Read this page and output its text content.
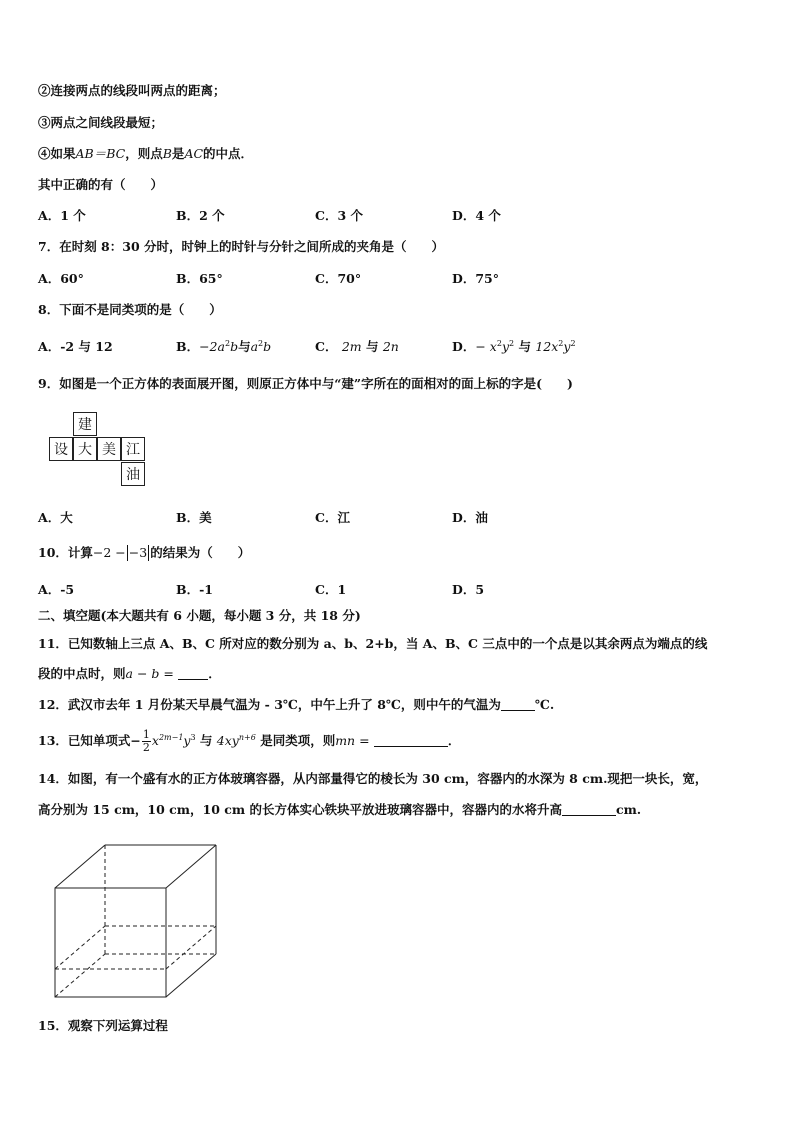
②连接两点的线段叫两点的距离；
③两点之间线段最短；
④如果AB＝BC，则点B是AC的中点．
其中正确的有（　　）
A．1 个	B．2 个	C．3 个	D．4 个
7．在时刻 8：30 分时，时钟上的时针与分针之间所成的夹角是（　　）
A．60°	B．65°	C．70°	D．75°
8．下面不是同类项的是（　　）
A．-2 与 12	B．$-2a^2b$与$a^2b$	C． 2m 与 2n	D．− $x^2y^2$ 与 $12x^2y^2$
9．如图是一个正方体的表面展开图，则原正方体中与“建”字所在的面相对的面上标的字是(　　)
建
设 大 美 江
油
A．大	B．美	C．江	D．油
10．计算−2 − −3 的结果为（　　）
A．-5	B．-1	C．1	D．5
二、填空题(本大题共有 6 小题，每小题 3 分，共 18 分)
11．已知数轴上三点 A、B、C 所对应的数分别为 a、b、2+b，当 A、B、C 三点中的一个点是以其余两点为端点的线
段的中点时，则a − b =	．
12．武汉市去年 1 月份某天早晨气温为 - 3℃，中午上升了 8℃，则中午的气温为	℃.
13．已知单项式− $\frac{1}{2} x^{2m-1}y^3$ 与 $4xy^{n+6}$ 是同类项，则mn =	．
14．如图，有一个盛有水的正方体玻璃容器，从内部量得它的棱长为 30 cm，容器内的水深为 8 cm.现把一块长，宽，
高分别为 15 cm，10 cm，10 cm 的长方体实心铁块平放进玻璃容器中，容器内的水将升高	cm.
15．观察下列运算过程
